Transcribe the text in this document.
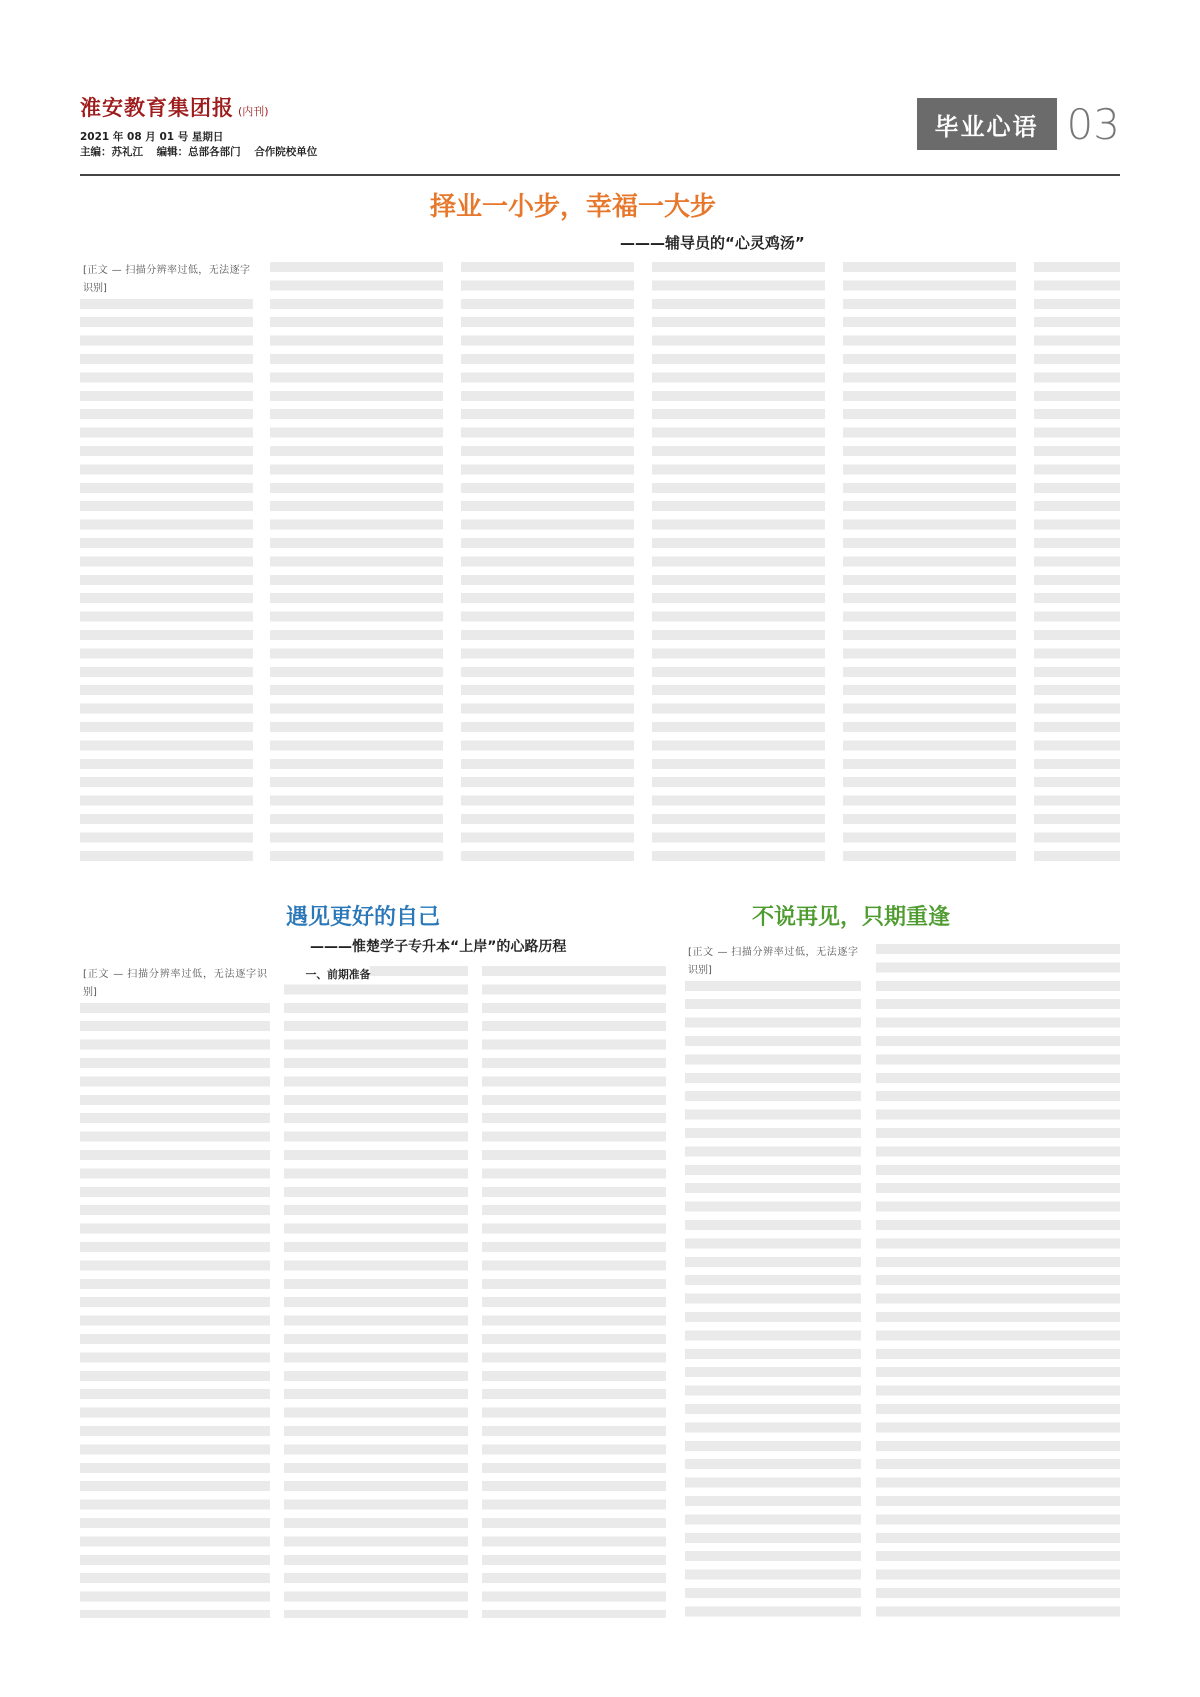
淮安教育集团报 (内刊)
2021 年 08 月 01 号 星期日
主编：苏礼江 编辑：总部各部门 合作院校单位
毕业心语 03
择业一小步，幸福一大步
———辅导员的“心灵鸡汤”
[正文 — 扫描分辨率过低，无法逐字识别]
遇见更好的自己
———惟楚学子专升本“上岸”的心路历程
[正文 — 扫描分辨率过低，无法逐字识别]
一、前期准备
不说再见，只期重逢
[正文 — 扫描分辨率过低，无法逐字识别]
